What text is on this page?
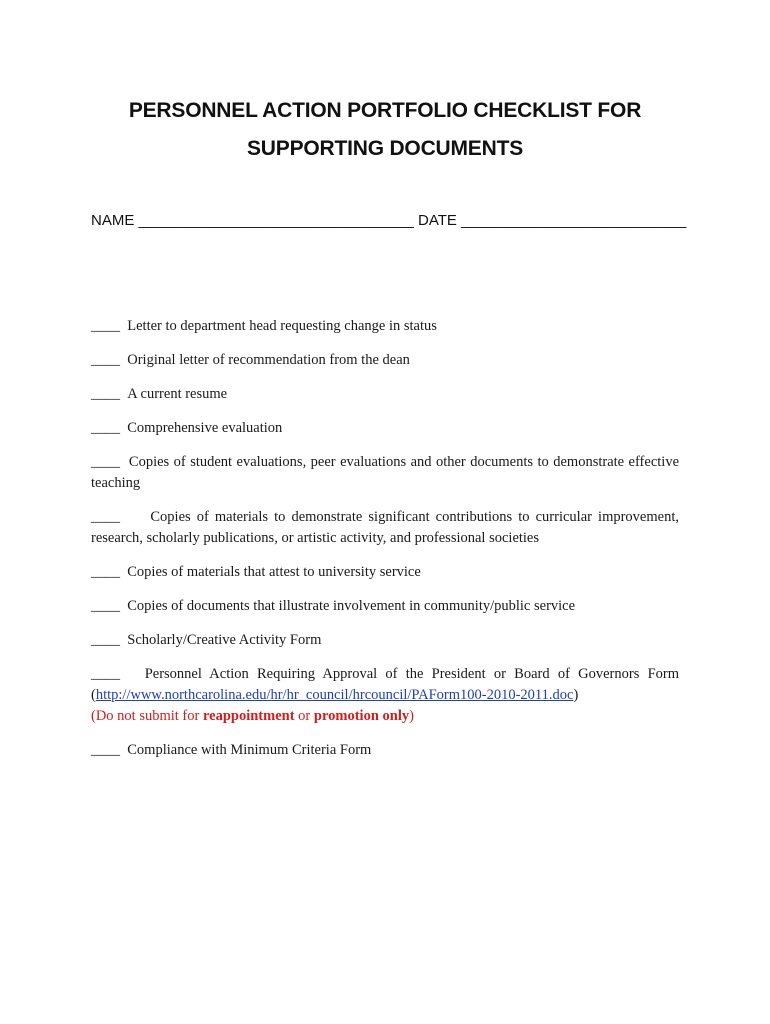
PERSONNEL ACTION PORTFOLIO CHECKLIST FOR
SUPPORTING DOCUMENTS
NAME _________________________________ DATE ___________________________
____ Letter to department head requesting change in status
____ Original letter of recommendation from the dean
____ A current resume
____ Comprehensive evaluation
____ Copies of student evaluations, peer evaluations and other documents to demonstrate effective teaching
____ Copies of materials to demonstrate significant contributions to curricular improvement, research, scholarly publications, or artistic activity, and professional societies
____ Copies of materials that attest to university service
____ Copies of documents that illustrate involvement in community/public service
____ Scholarly/Creative Activity Form
____ Personnel Action Requiring Approval of the President or Board of Governors Form (http://www.northcarolina.edu/hr/hr_council/hrcouncil/PAForm100-2010-2011.doc)
(Do not submit for reappointment or promotion only)
____ Compliance with Minimum Criteria Form
